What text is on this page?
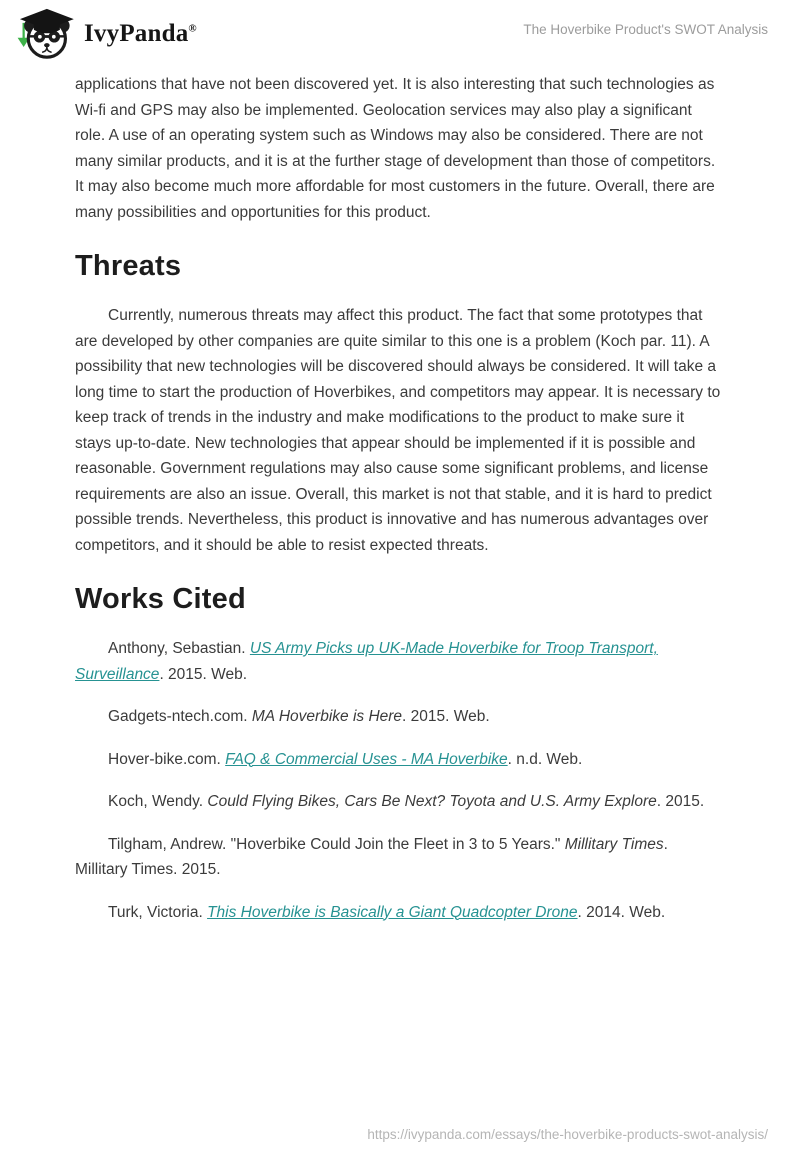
IvyPanda®	The Hoverbike Product's SWOT Analysis

applications that have not been discovered yet. It is also interesting that such technologies as Wi-fi and GPS may also be implemented. Geolocation services may also play a significant role. A use of an operating system such as Windows may also be considered. There are not many similar products, and it is at the further stage of development than those of competitors. It may also become much more affordable for most customers in the future. Overall, there are many possibilities and opportunities for this product.

Threats

Currently, numerous threats may affect this product. The fact that some prototypes that are developed by other companies are quite similar to this one is a problem (Koch par. 11). A possibility that new technologies will be discovered should always be considered. It will take a long time to start the production of Hoverbikes, and competitors may appear. It is necessary to keep track of trends in the industry and make modifications to the product to make sure it stays up-to-date. New technologies that appear should be implemented if it is possible and reasonable. Government regulations may also cause some significant problems, and license requirements are also an issue. Overall, this market is not that stable, and it is hard to predict possible trends. Nevertheless, this product is innovative and has numerous advantages over competitors, and it should be able to resist expected threats.

Works Cited

Anthony, Sebastian. US Army Picks up UK-Made Hoverbike for Troop Transport, Surveillance. 2015. Web.

Gadgets-ntech.com. MA Hoverbike is Here. 2015. Web.

Hover-bike.com. FAQ & Commercial Uses - MA Hoverbike. n.d. Web.

Koch, Wendy. Could Flying Bikes, Cars Be Next? Toyota and U.S. Army Explore. 2015.

Tilgham, Andrew. "Hoverbike Could Join the Fleet in 3 to 5 Years." Millitary Times. Millitary Times. 2015.

Turk, Victoria. This Hoverbike is Basically a Giant Quadcopter Drone. 2014. Web.

https://ivypanda.com/essays/the-hoverbike-products-swot-analysis/
